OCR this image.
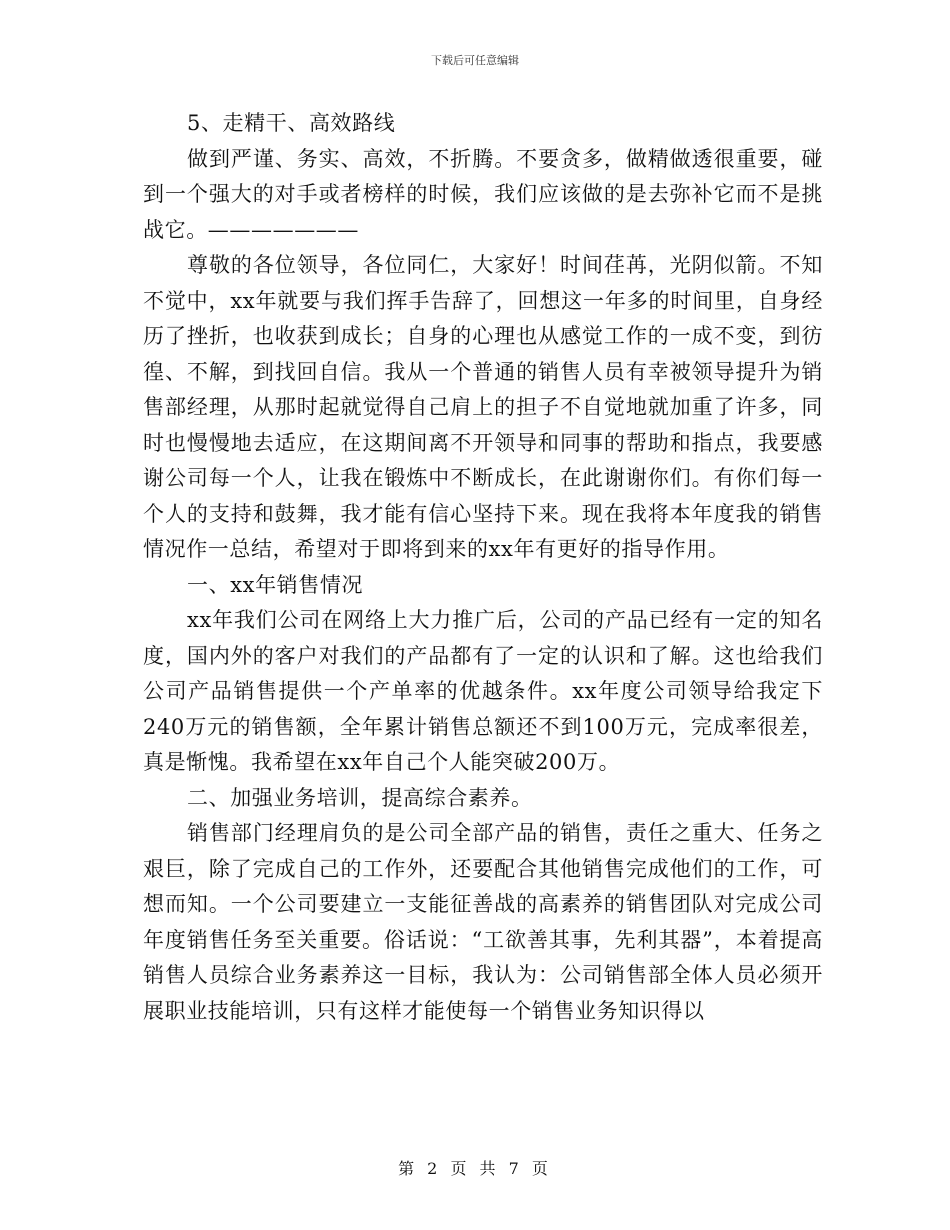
下载后可任意编辑

5、走精干、高效路线

做到严谨、务实、高效，不折腾。不要贪多，做精做透很重要，碰到一个强大的对手或者榜样的时候，我们应该做的是去弥补它而不是挑战它。———————

尊敬的各位领导，各位同仁，大家好！时间荏苒，光阴似箭。不知不觉中，xx年就要与我们挥手告辞了，回想这一年多的时间里，自身经历了挫折，也收获到成长；自身的心理也从感觉工作的一成不变，到彷徨、不解，到找回自信。我从一个普通的销售人员有幸被领导提升为销售部经理，从那时起就觉得自己肩上的担子不自觉地就加重了许多，同时也慢慢地去适应，在这期间离不开领导和同事的帮助和指点，我要感谢公司每一个人，让我在锻炼中不断成长，在此谢谢你们。有你们每一个人的支持和鼓舞，我才能有信心坚持下来。现在我将本年度我的销售情况作一总结，希望对于即将到来的xx年有更好的指导作用。

一、xx年销售情况

xx年我们公司在网络上大力推广后，公司的产品已经有一定的知名度，国内外的客户对我们的产品都有了一定的认识和了解。这也给我们公司产品销售提供一个产单率的优越条件。xx年度公司领导给我定下240万元的销售额，全年累计销售总额还不到100万元，完成率很差，真是惭愧。我希望在xx年自己个人能突破200万。

二、加强业务培训，提高综合素养。

销售部门经理肩负的是公司全部产品的销售，责任之重大、任务之艰巨，除了完成自己的工作外，还要配合其他销售完成他们的工作，可想而知。一个公司要建立一支能征善战的高素养的销售团队对完成公司年度销售任务至关重要。俗话说：“工欲善其事，先利其器”，本着提高销售人员综合业务素养这一目标，我认为：公司销售部全体人员必须开展职业技能培训，只有这样才能使每一个销售业务知识得以

第 2 页 共 7 页
